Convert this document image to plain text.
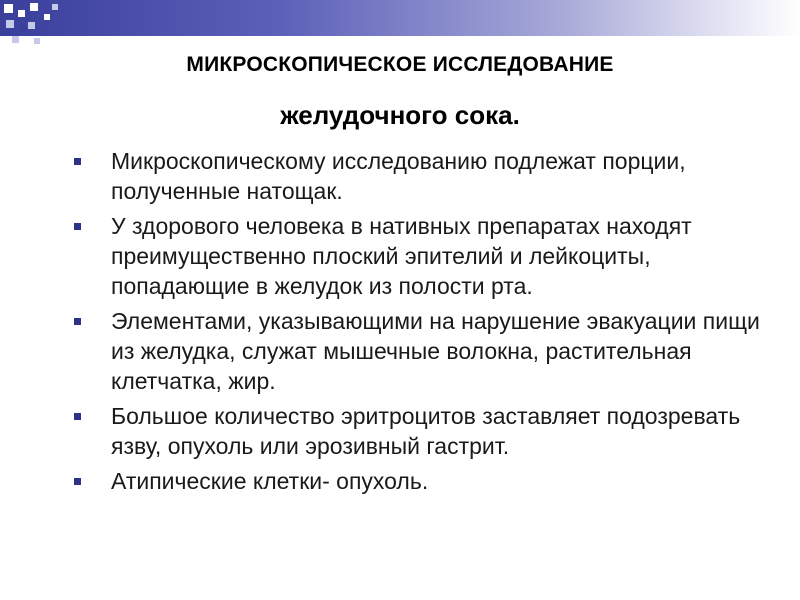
МИКРОСКОПИЧЕСКОЕ ИССЛЕДОВАНИЕ
желудочного сока.
Микроскопическому исследованию подлежат порции, полученные натощак.
У здорового человека в нативных препаратах находят преимущественно плоский эпителий и лейкоциты, попадающие в желудок из полости рта.
Элементами, указывающими на нарушение эвакуации пищи из желудка, служат мышечные волокна, растительная клетчатка, жир.
Большое количество эритроцитов заставляет подозревать язву, опухоль или эрозивный гастрит.
Атипические клетки- опухоль.
